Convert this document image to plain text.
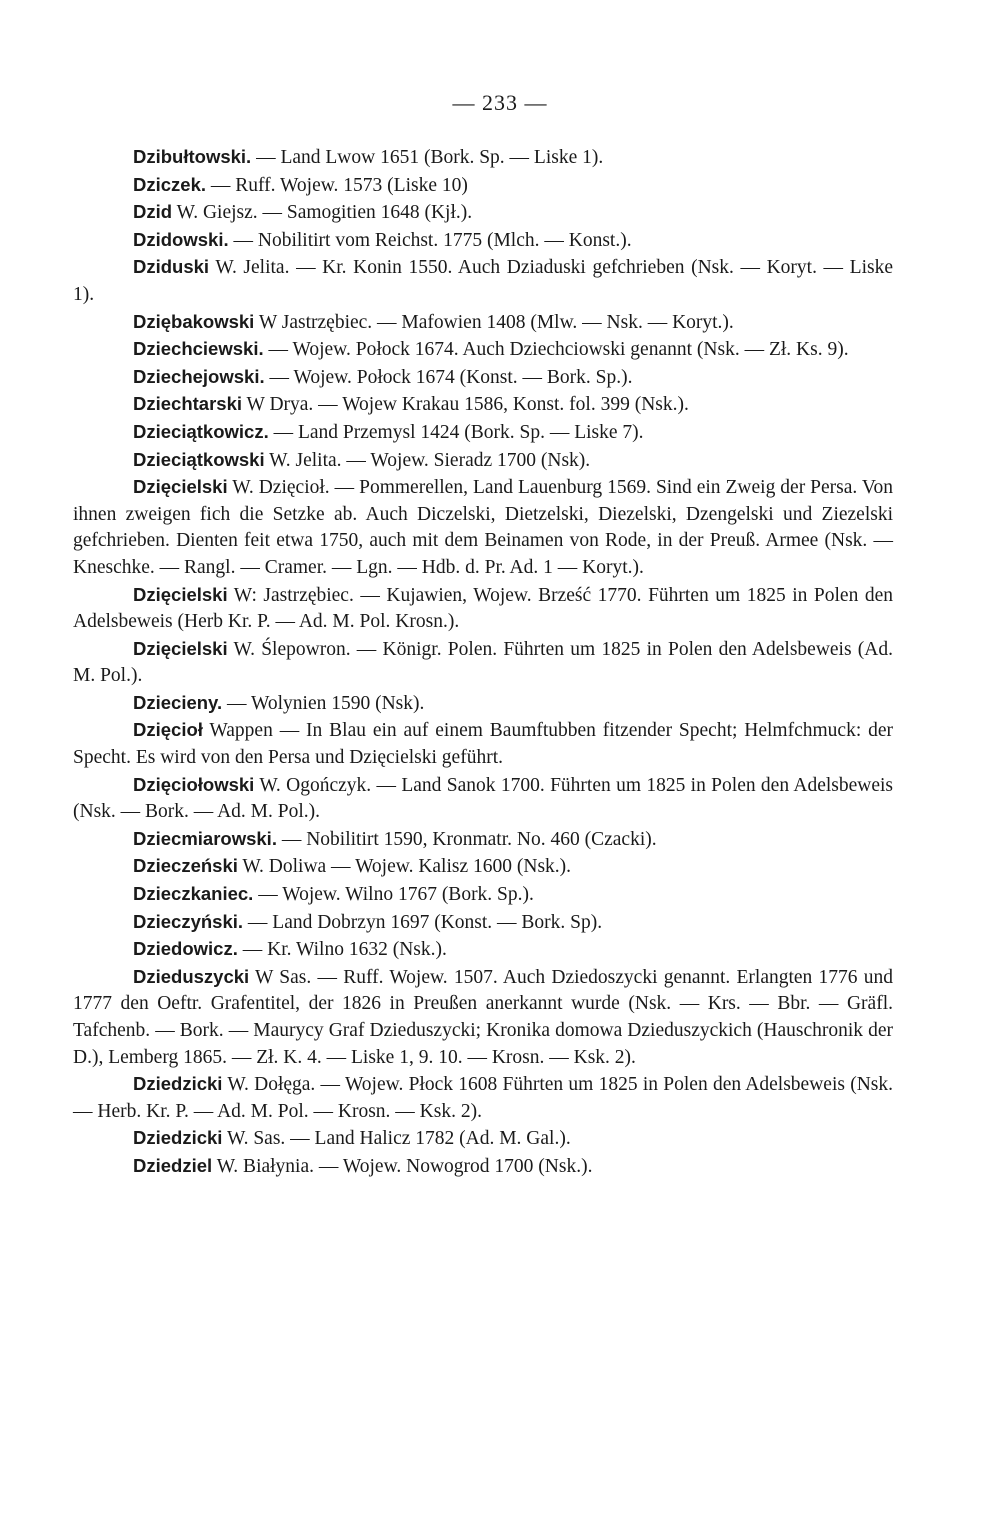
— 233 —

Dzibułtowski. — Land Lwow 1651 (Bork. Sp. — Liske 1).

Dziczek. — Ruff. Wojew. 1573 (Liske 10)

Dzid W. Giejsz. — Samogitien 1648 (Kjł.).

Dzidowski. — Nobilitirt vom Reichst. 1775 (Mlch. — Konst.).

Dziduski W. Jelita. — Kr. Konin 1550. Auch Dziaduski gefchrieben (Nsk. — Koryt. — Liske 1).

Dziębakowski W Jastrzębiec. — Mafowien 1408 (Mlw. — Nsk. — Koryt.).

Dziechciewski. — Wojew. Połock 1674. Auch Dziechciowski genannt (Nsk. — Zł. Ks. 9).

Dziechejowski. — Wojew. Połock 1674 (Konst. — Bork. Sp.).

Dziechtarski W Drya. — Wojew Krakau 1586, Konst. fol. 399 (Nsk.).

Dzieciątkowicz. — Land Przemysl 1424 (Bork. Sp. — Liske 7).

Dzieciątkowski W. Jelita. — Wojew. Sieradz 1700 (Nsk).

Dzięcielski W. Dzięcioł. — Pommerellen, Land Lauenburg 1569. Sind ein Zweig der Persa. Von ihnen zweigen fich die Setzke ab. Auch Diczelski, Dietzelski, Diezelski, Dzengelski und Ziezelski gefchrieben. Dienten feit etwa 1750, auch mit dem Beinamen von Rode, in der Preuß. Armee (Nsk. — Kneschke. — Rangl. — Cramer. — Lgn. — Hdb. d. Pr. Ad. 1 — Koryt.).

Dzięcielski W: Jastrzębiec. — Kujawien, Wojew. Brześć 1770. Führten um 1825 in Polen den Adelsbeweis (Herb Kr. P. — Ad. M. Pol. Krosn.).

Dzięcielski W. Ślepowron. — Königr. Polen. Führten um 1825 in Polen den Adelsbeweis (Ad. M. Pol.).

Dziecieny. — Wolynien 1590 (Nsk).

Dzięcioł Wappen — In Blau ein auf einem Baumftubben fitzender Specht; Helmfchmuck: der Specht. Es wird von den Persa und Dzięcielski geführt.

Dzięciołowski W. Ogończyk. — Land Sanok 1700. Führten um 1825 in Polen den Adelsbeweis (Nsk. — Bork. — Ad. M. Pol.).

Dziecmiarowski. — Nobilitirt 1590, Kronmatr. No. 460 (Czacki).

Dzieczeński W. Doliwa — Wojew. Kalisz 1600 (Nsk.).

Dzieczkaniec. — Wojew. Wilno 1767 (Bork. Sp.).

Dzieczyński. — Land Dobrzyn 1697 (Konst. — Bork. Sp).

Dziedowicz. — Kr. Wilno 1632 (Nsk.).

Dzieduszycki W Sas. — Ruff. Wojew. 1507. Auch Dziedoszycki genannt. Erlangten 1776 und 1777 den Oeftr. Grafentitel, der 1826 in Preußen anerkannt wurde (Nsk. — Krs. — Bbr. — Gräfl. Tafchenb. — Bork. — Maurycy Graf Dzieduszycki; Kronika domowa Dzieduszyckich (Hauschronik der D.), Lemberg 1865. — Zł. K. 4. — Liske 1, 9. 10. — Krosn. — Ksk. 2).

Dziedzicki W. Dołęga. — Wojew. Płock 1608 Führten um 1825 in Polen den Adelsbeweis (Nsk. — Herb. Kr. P. — Ad. M. Pol. — Krosn. — Ksk. 2).

Dziedzicki W. Sas. — Land Halicz 1782 (Ad. M. Gal.).

Dziedziel W. Białynia. — Wojew. Nowogrod 1700 (Nsk.).
